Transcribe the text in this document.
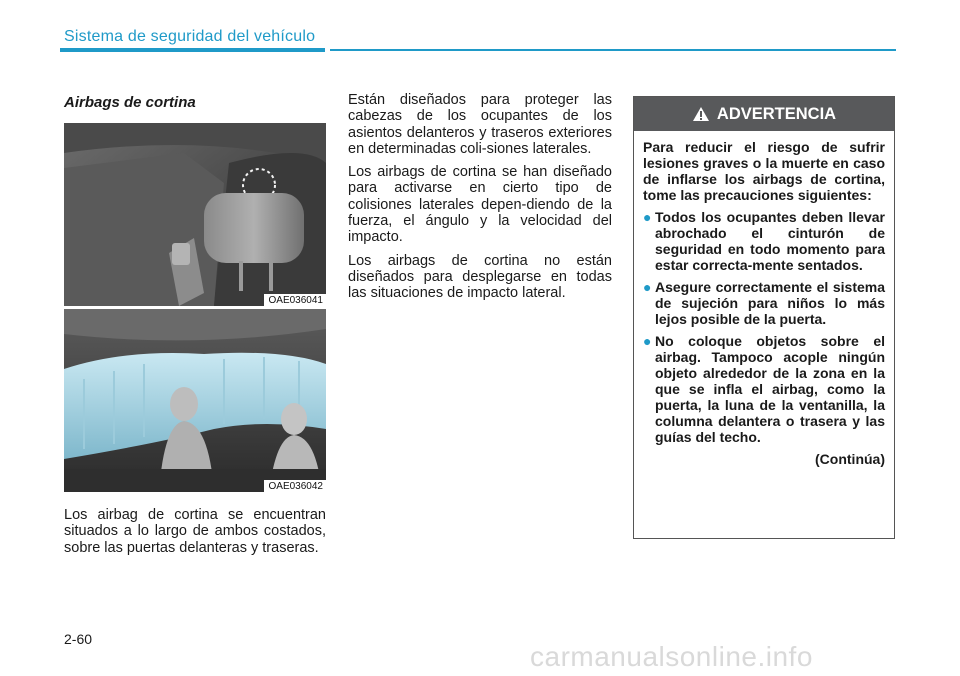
Sistema de seguridad del vehículo
Airbags de cortina
OAE036041
OAE036042

Los airbag de cortina se encuentran situados a lo largo de ambos costados, sobre las puertas delanteras y traseras.

Están diseñados para proteger las cabezas de los ocupantes de los asientos delanteros y traseros exteriores en determinadas coli-siones laterales.

Los airbags de cortina se han diseñado para activarse en cierto tipo de colisiones laterales depen-diendo de la fuerza, el ángulo y la velocidad del impacto.

Los airbags de cortina no están diseñados para desplegarse en todas las situaciones de impacto lateral.

ADVERTENCIA

Para reducir el riesgo de sufrir lesiones graves o la muerte en caso de inflarse los airbags de cortina, tome las precauciones siguientes:

● Todos los ocupantes deben llevar abrochado el cinturón de seguridad en todo momento para estar correcta-mente sentados.
● Asegure correctamente el sistema de sujeción para niños lo más lejos posible de la puerta.
● No coloque objetos sobre el airbag. Tampoco acople ningún objeto alrededor de la zona en la que se infla el airbag, como la puerta, la luna de la ventanilla, la columna delantera o trasera y las guías del techo.
(Continúa)
2-60
carmanualsonline.info
